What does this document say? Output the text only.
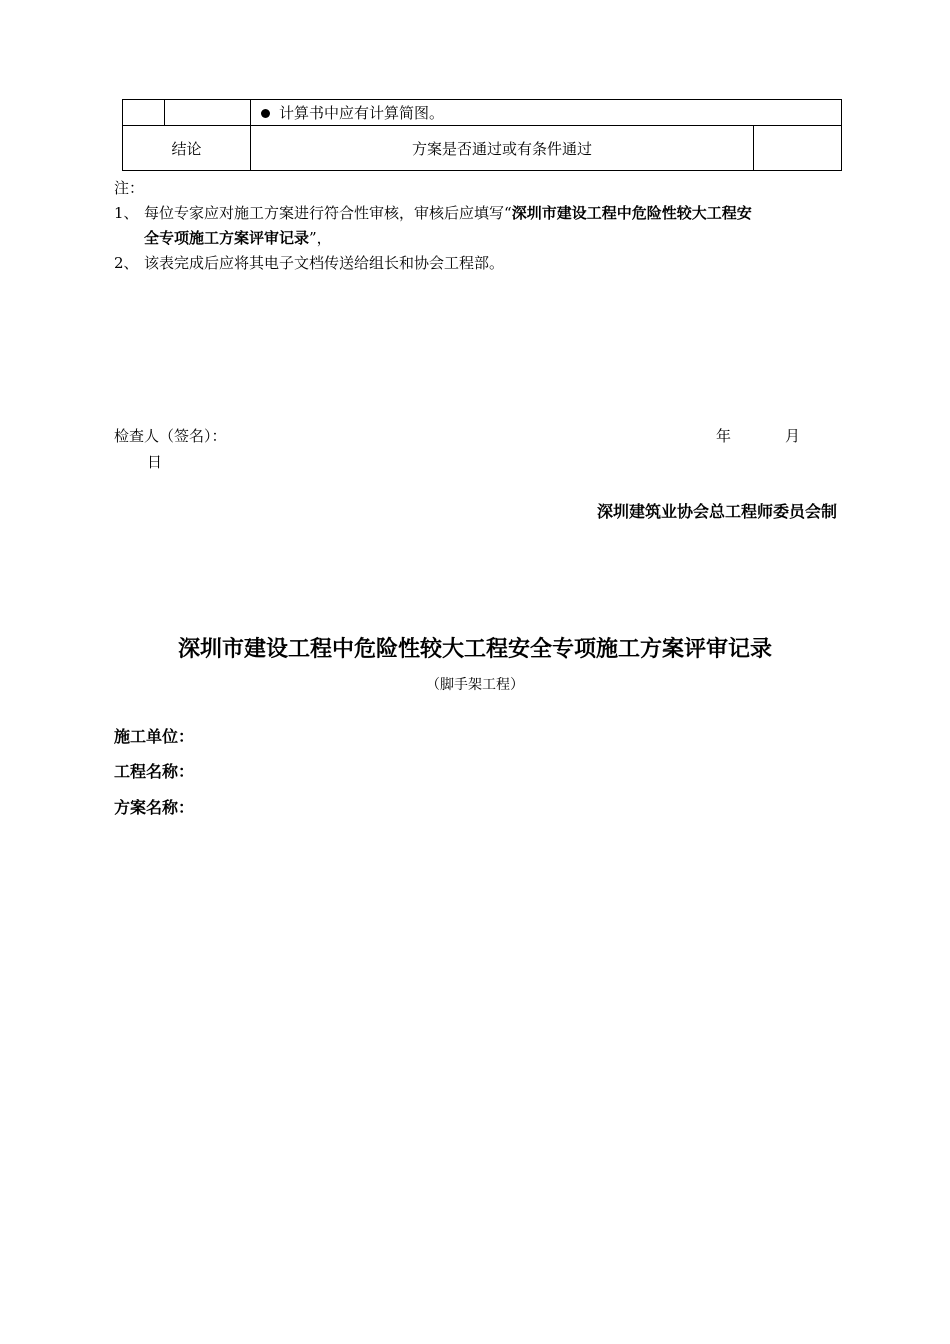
		计算书中应有计算简图。	
结论		方案是否通过或有条件通过	
注：
1、 每位专家应对施工方案进行符合性审核，审核后应填写“深圳市建设工程中危险性较大工程安
全专项施工方案评审记录”，
2、 该表完成后应将其电子文档传送给组长和协会工程部。
检查人（签名）：	年	月
日
深圳建筑业协会总工程师委员会制
深圳市建设工程中危险性较大工程安全专项施工方案评审记录
（脚手架工程）
施工单位：
工程名称：
方案名称：
